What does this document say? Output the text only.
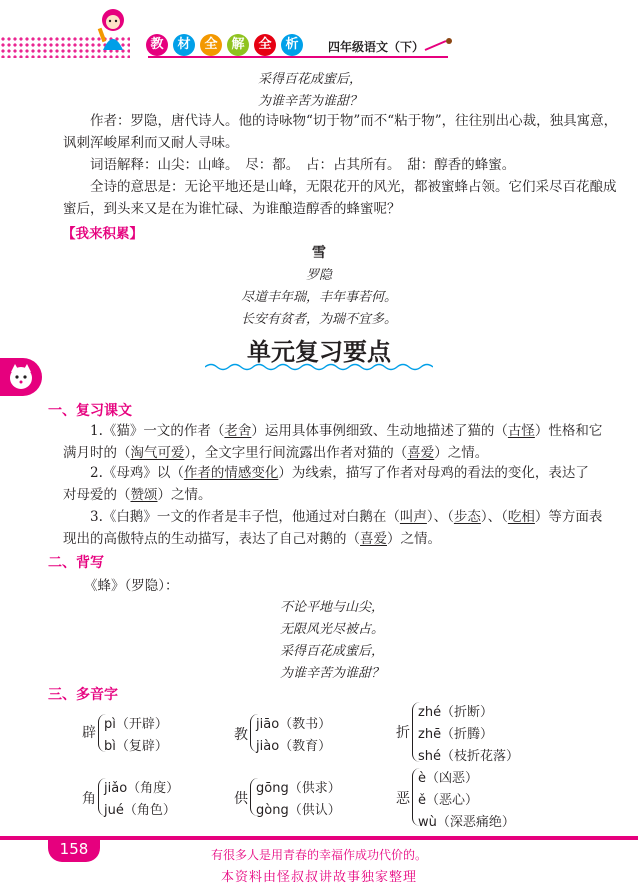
教	材	全	解	全	析	四年级语文（下）
采得百花成蜜后，
为谁辛苦为谁甜？
作者：罗隐，唐代诗人。他的诗咏物“切于物”而不“粘于物”，往往别出心裁，独具寓意，讽刺浑峻犀利而又耐人寻味。
词语解释：山尖：山峰。　尽：都。　占：占其所有。　甜：醇香的蜂蜜。
全诗的意思是：无论平地还是山峰，无限花开的风光，都被蜜蜂占领。它们采尽百花酿成蜜后，到头来又是在为谁忙碌、为谁酿造醇香的蜂蜜呢？
【我来积累】
雪
罗隐
尽道丰年瑞，丰年事若何。
长安有贫者，为瑞不宜多。
单元复习要点
一、复习课文
1.《猫》一文的作者（老舍）运用具体事例细致、生动地描述了猫的（古怪）性格和它
满月时的（淘气可爱），全文字里行间流露出作者对猫的（喜爱）之情。
2.《母鸡》以（作者的情感变化）为线索，描写了作者对母鸡的看法的变化，表达了
对母爱的（赞颂）之情。
3.《白鹅》一文的作者是丰子恺，他通过对白鹅在（叫声）、（步态）、（吃相）等方面表
现出的高傲特点的生动描写，表达了自己对鹅的（喜爱）之情。
二、背写
《蜂》（罗隐）：
不论平地与山尖，
无限风光尽被占。
采得百花成蜜后，
为谁辛苦为谁甜？
三、多音字
辟
pì（开辟）
bì（复辟）
教
jiāo（教书）
jiào（教育）
折
zhé（折断）
zhē（折腾）
shé（枝折花落）
角
jiǎo（角度）
jué（角色）
供
gōng（供求）
gòng（供认）
恶
è（凶恶）
ě（恶心）
wù（深恶痛绝）
158	有很多人是用青春的幸福作成功代价的。
本资料由怪叔叔讲故事独家整理
